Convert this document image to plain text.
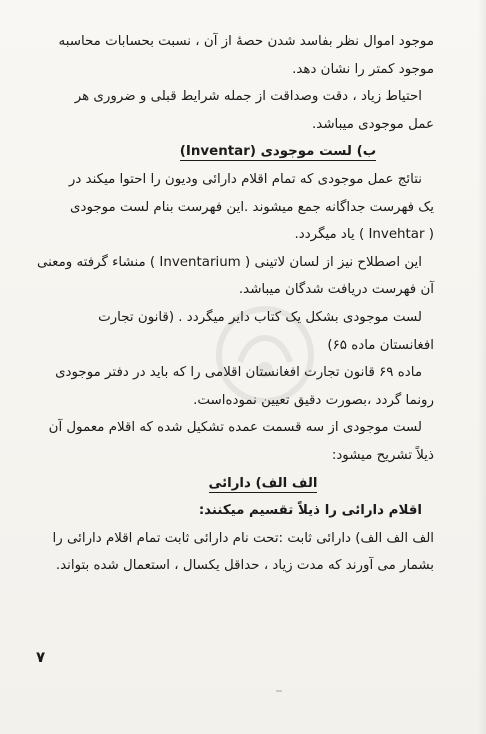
موجود اموال نظر بفاسد شدن حصهٔ از آن ، نسبت بحسابات محاسبه
موجود کمتر را نشان دهد.
احتیاط زیاد ، دقت وصداقت از جمله شرایط قبلی و ضروری هر
عمل موجودی میباشد.
ب) لست موجودی (Inventar)
نتائج عمل موجودی که تمام اقلام دارائی ودیون را احتوا میکند در
یک فهرست جداگانه جمع میشوند .این فهرست بنام لست موجودی
( Invehtar ) یاد میگردد.
این اصطلاح نیز از لسان لاتینی ( Inventarium ) منشاء گرفته ومعنی
آن فهرست دریافت شدگان میباشد.
لست موجودی بشکل یک کتاب دایر میگردد . (قانون تجارت
افغانستان ماده ۶۵)
ماده ۶۹ قانون تجارت افغانستان اقلامی را که باید در دفتر موجودی
رونما گردد ،بصورت دقیق تعیین نموده‌است.
لست موجودی از سه قسمت عمده تشکیل شده که اقلام معمول آن
ذیلاً تشریح میشود:
الف الف) دارائی
اقلام دارائی را ذیلاً تقسیم میکنند:
الف الف الف) دارائی ثابت :تحت نام دارائی ثابت تمام اقلام دارائی را
بشمار می آورند که مدت زیاد ، حداقل یکسال ، استعمال شده بتواند.
۷
